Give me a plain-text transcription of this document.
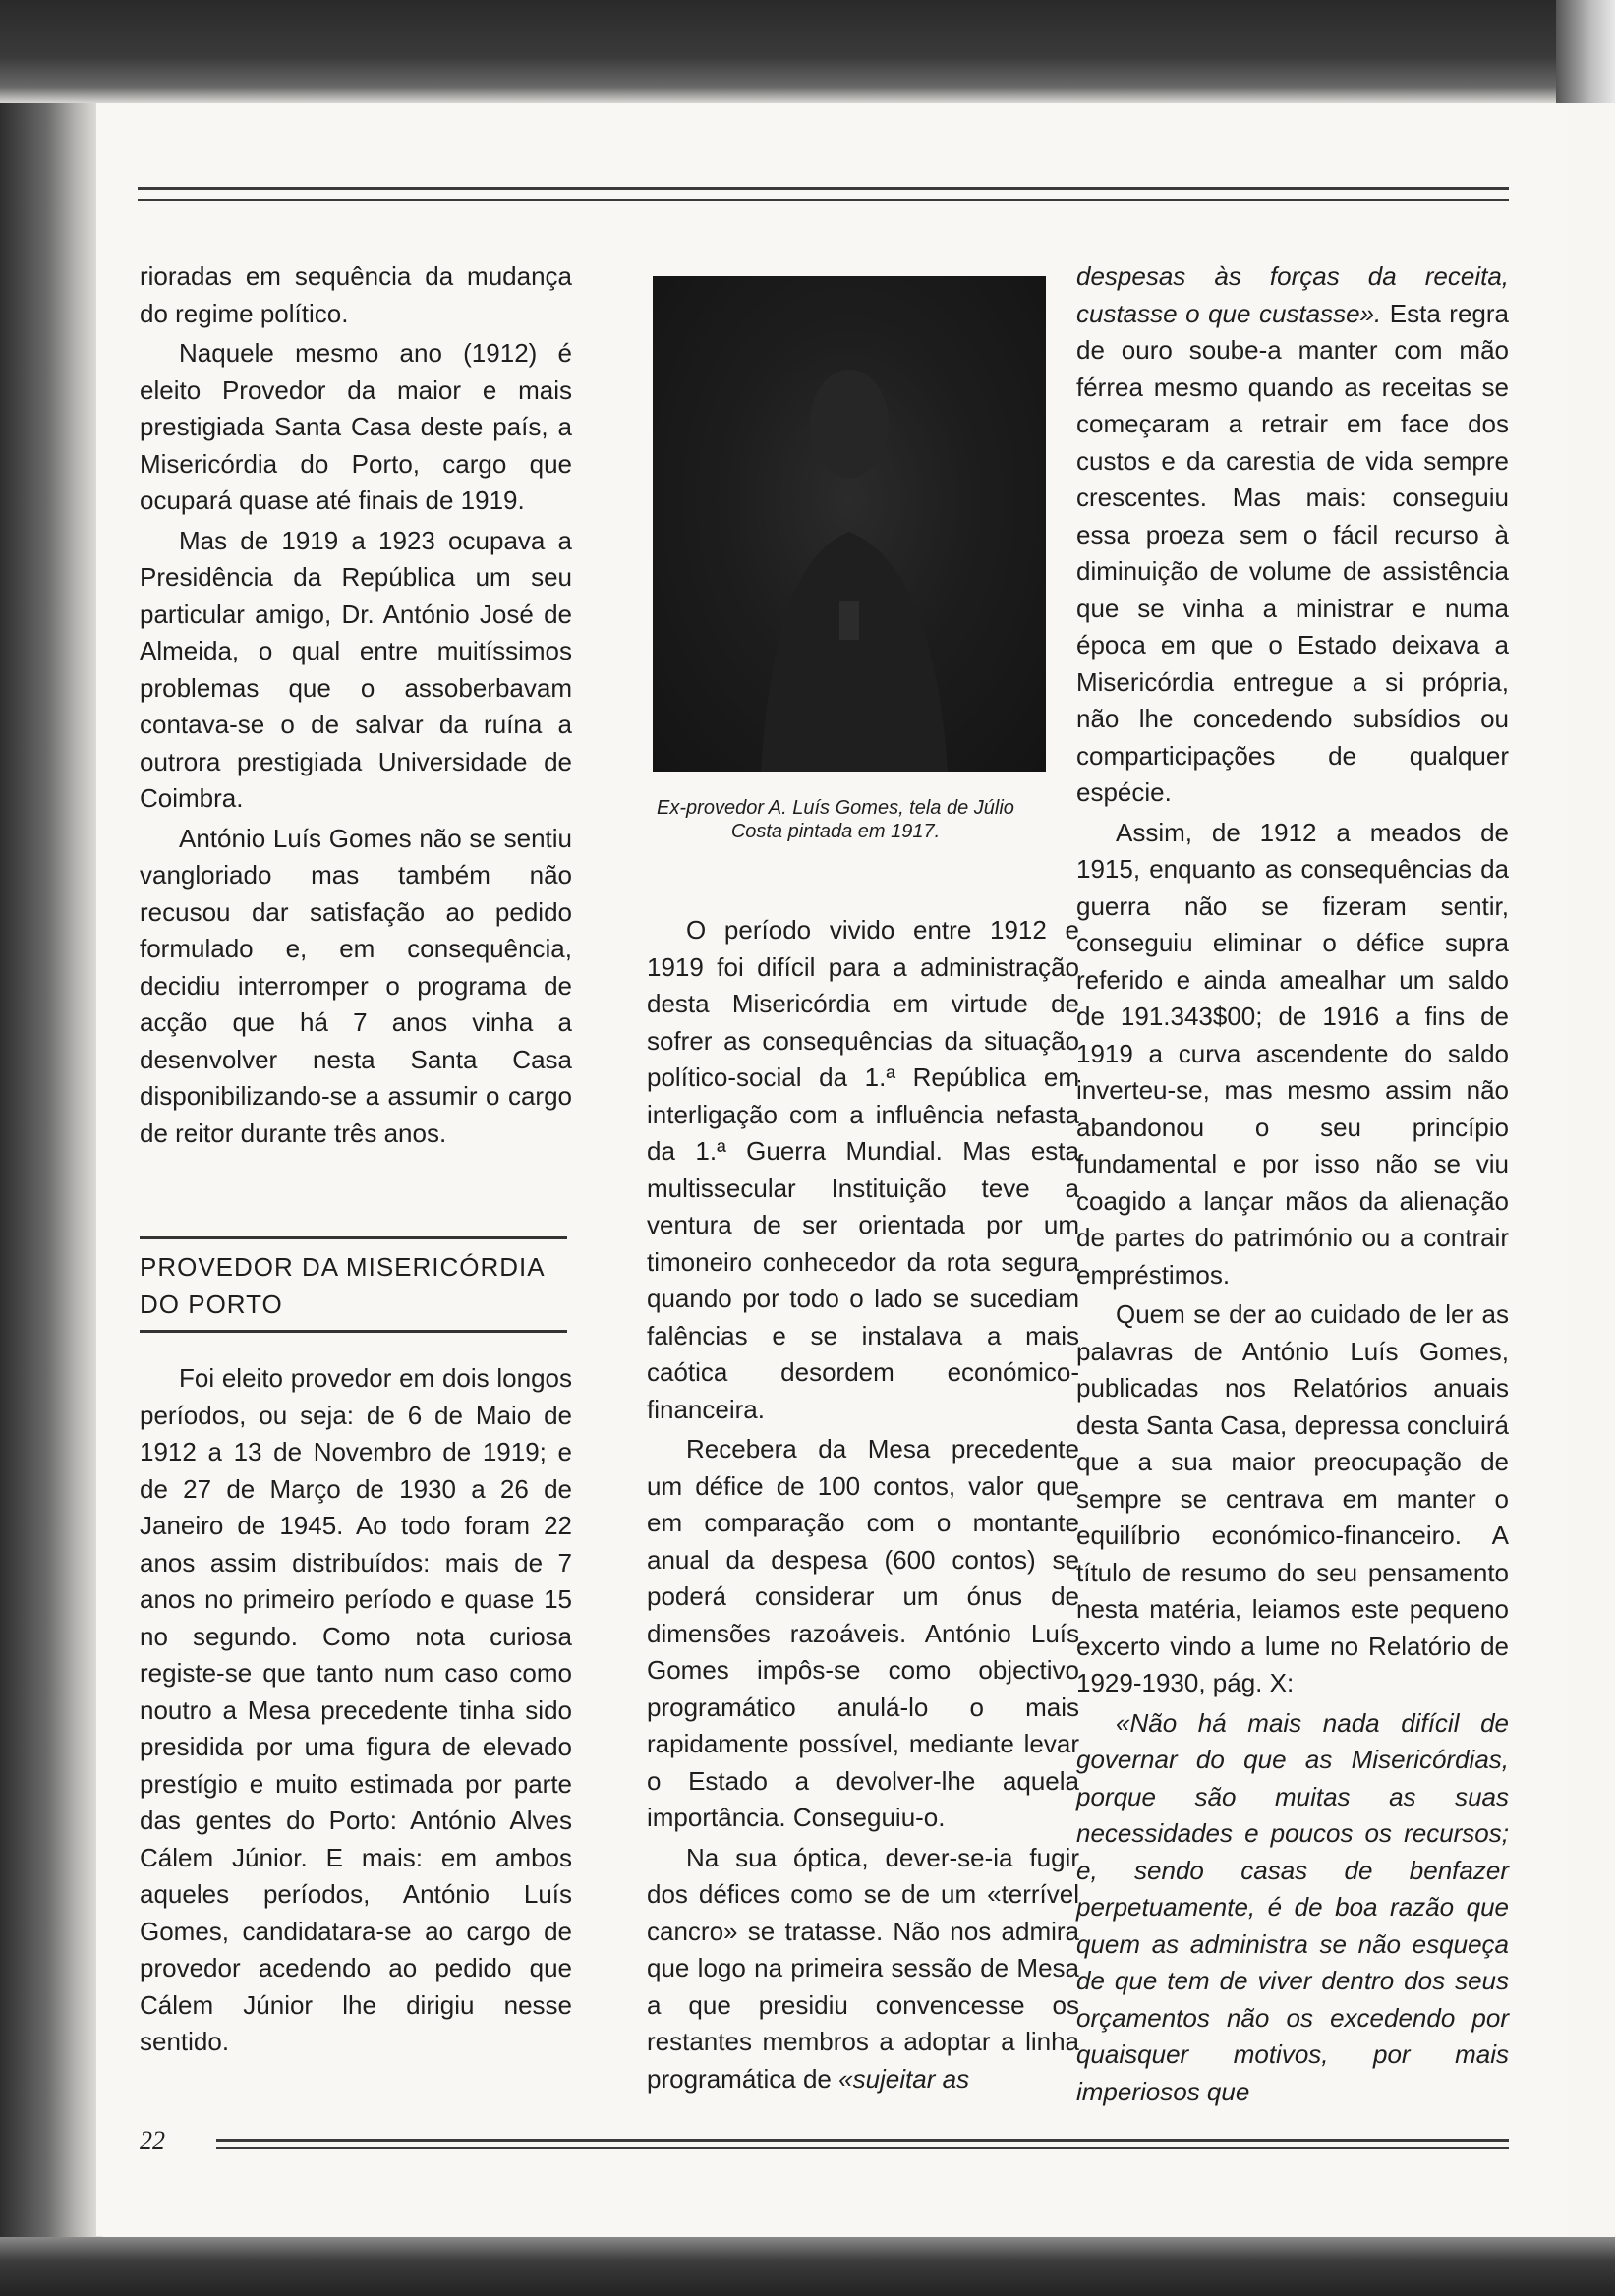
rioradas em sequência da mudança do regime político.

Naquele mesmo ano (1912) é eleito Provedor da maior e mais prestigiada Santa Casa deste país, a Misericórdia do Porto, cargo que ocupará quase até finais de 1919.

Mas de 1919 a 1923 ocupava a Presidência da República um seu particular amigo, Dr. António José de Almeida, o qual entre muitíssimos problemas que o assoberbavam contava-se o de salvar da ruína a outrora prestigiada Universidade de Coimbra.

António Luís Gomes não se sentiu vangloriado mas também não recusou dar satisfação ao pedido formulado e, em consequência, decidiu interromper o programa de acção que há 7 anos vinha a desenvolver nesta Santa Casa disponibilizando-se a assumir o cargo de reitor durante três anos.

PROVEDOR DA MISERICÓRDIA
DO PORTO

Foi eleito provedor em dois longos períodos, ou seja: de 6 de Maio de 1912 a 13 de Novembro de 1919; e de 27 de Março de 1930 a 26 de Janeiro de 1945. Ao todo foram 22 anos assim distribuídos: mais de 7 anos no primeiro período e quase 15 no segundo. Como nota curiosa registe-se que tanto num caso como noutro a Mesa precedente tinha sido presidida por uma figura de elevado prestígio e muito estimada por parte das gentes do Porto: António Alves Cálem Júnior. E mais: em ambos aqueles períodos, António Luís Gomes, candidatara-se ao cargo de provedor acedendo ao pedido que Cálem Júnior lhe dirigiu nesse sentido.

Ex-provedor A. Luís Gomes, tela de Júlio Costa pintada em 1917.

O período vivido entre 1912 e 1919 foi difícil para a administração desta Misericórdia em virtude de sofrer as consequências da situação político-social da 1.ª República em interligação com a influência nefasta da 1.ª Guerra Mundial. Mas esta multissecular Instituição teve a ventura de ser orientada por um timoneiro conhecedor da rota segura quando por todo o lado se sucediam falências e se instalava a mais caótica desordem económico-financeira.

Recebera da Mesa precedente um défice de 100 contos, valor que em comparação com o montante anual da despesa (600 contos) se poderá considerar um ónus de dimensões razoáveis. António Luís Gomes impôs-se como objectivo programático anulá-lo o mais rapidamente possível, mediante levar o Estado a devolver-lhe aquela importância. Conseguiu-o.

Na sua óptica, dever-se-ia fugir dos défices como se de um «terrível cancro» se tratasse. Não nos admira que logo na primeira sessão de Mesa a que presidiu convencesse os restantes membros a adoptar a linha programática de «sujeitar as

despesas às forças da receita, custasse o que custasse». Esta regra de ouro soube-a manter com mão férrea mesmo quando as receitas se começaram a retrair em face dos custos e da carestia de vida sempre crescentes. Mas mais: conseguiu essa proeza sem o fácil recurso à diminuição de volume de assistência que se vinha a ministrar e numa época em que o Estado deixava a Misericórdia entregue a si própria, não lhe concedendo subsídios ou comparticipações de qualquer espécie.

Assim, de 1912 a meados de 1915, enquanto as consequências da guerra não se fizeram sentir, conseguiu eliminar o défice supra referido e ainda amealhar um saldo de 191.343$00; de 1916 a fins de 1919 a curva ascendente do saldo inverteu-se, mas mesmo assim não abandonou o seu princípio fundamental e por isso não se viu coagido a lançar mãos da alienação de partes do património ou a contrair empréstimos.

Quem se der ao cuidado de ler as palavras de António Luís Gomes, publicadas nos Relatórios anuais desta Santa Casa, depressa concluirá que a sua maior preocupação de sempre se centrava em manter o equilíbrio económico-financeiro. A título de resumo do seu pensamento nesta matéria, leiamos este pequeno excerto vindo a lume no Relatório de 1929-1930, pág. X:

«Não há mais nada difícil de governar do que as Misericórdias, porque são muitas as suas necessidades e poucos os recursos; e, sendo casas de benfazer perpetuamente, é de boa razão que quem as administra se não esqueça de que tem de viver dentro dos seus orçamentos não os excedendo por quaisquer motivos, por mais imperiosos que

22
